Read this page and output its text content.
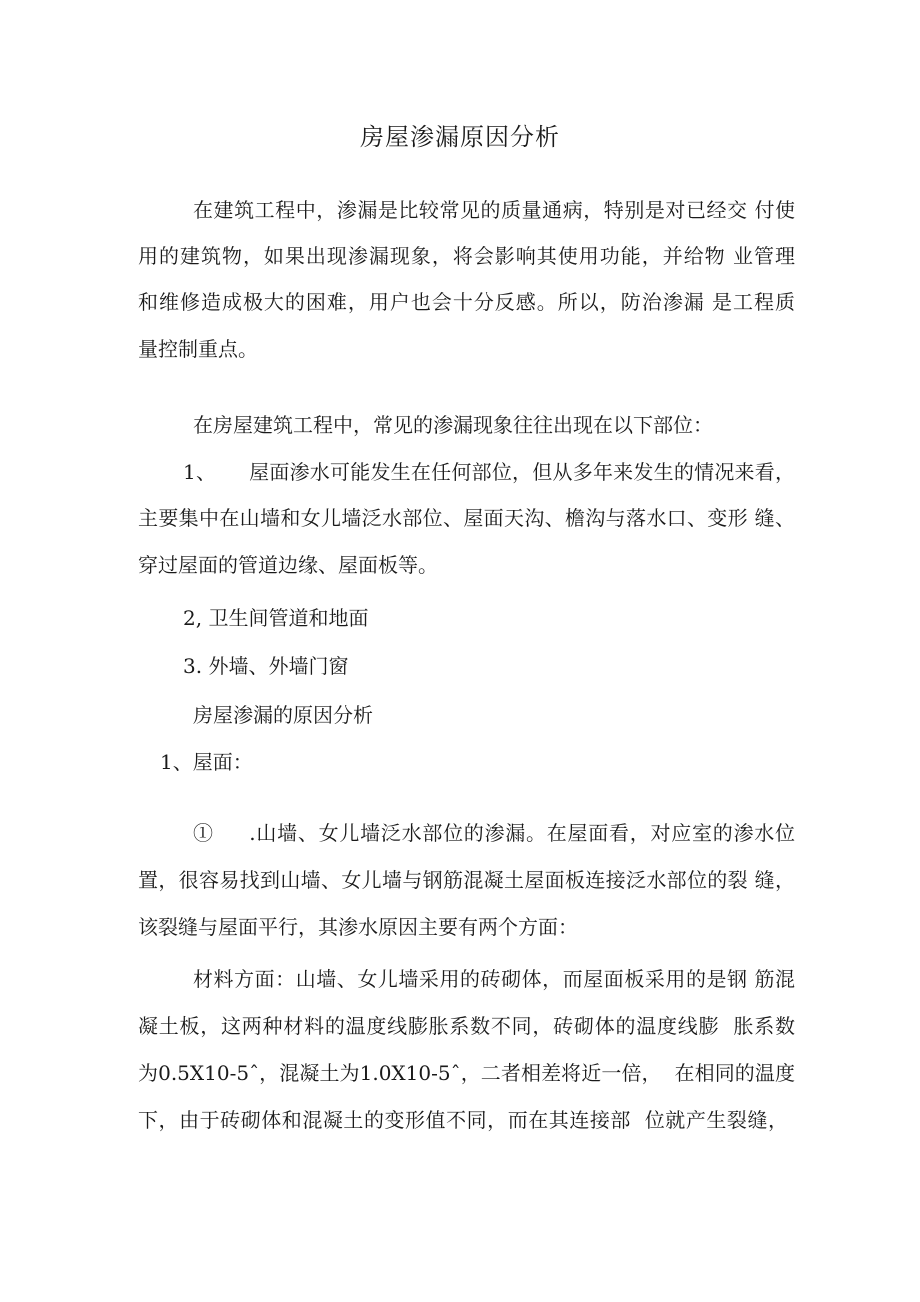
房屋渗漏原因分析
在建筑工程中，渗漏是比较常见的质量通病，特别是对已经交 付使
用的建筑物，如果出现渗漏现象，将会影响其使用功能，并给物 业管理
和维修造成极大的困难，用户也会十分反感。所以，防治渗漏 是工程质
量控制重点。
在房屋建筑工程中，常见的渗漏现象往往出现在以下部位：
1、     屋面渗水可能发生在任何部位，但从多年来发生的情况来看，
主要集中在山墙和女儿墙泛水部位、屋面天沟、檐沟与落水口、变形 缝、
穿过屋面的管道边缘、屋面板等。
2, 卫生间管道和地面
3. 外墙、外墙门窗
房屋渗漏的原因分析
1、屋面：
①     .山墙、女儿墙泛水部位的渗漏。在屋面看，对应室的渗水位
置，很容易找到山墙、女儿墙与钢筋混凝土屋面板连接泛水部位的裂 缝，
该裂缝与屋面平行，其渗水原因主要有两个方面：
材料方面：山墙、女儿墙采用的砖砌体，而屋面板采用的是钢 筋混
凝土板，这两种材料的温度线膨胀系数不同，砖砌体的温度线膨  胀系数
为0.5X10-5ˆ，混凝土为1.0X10-5ˆ，二者相差将近一倍，  在相同的温度
下，由于砖砌体和混凝土的变形值不同，而在其连接部  位就产生裂缝，
